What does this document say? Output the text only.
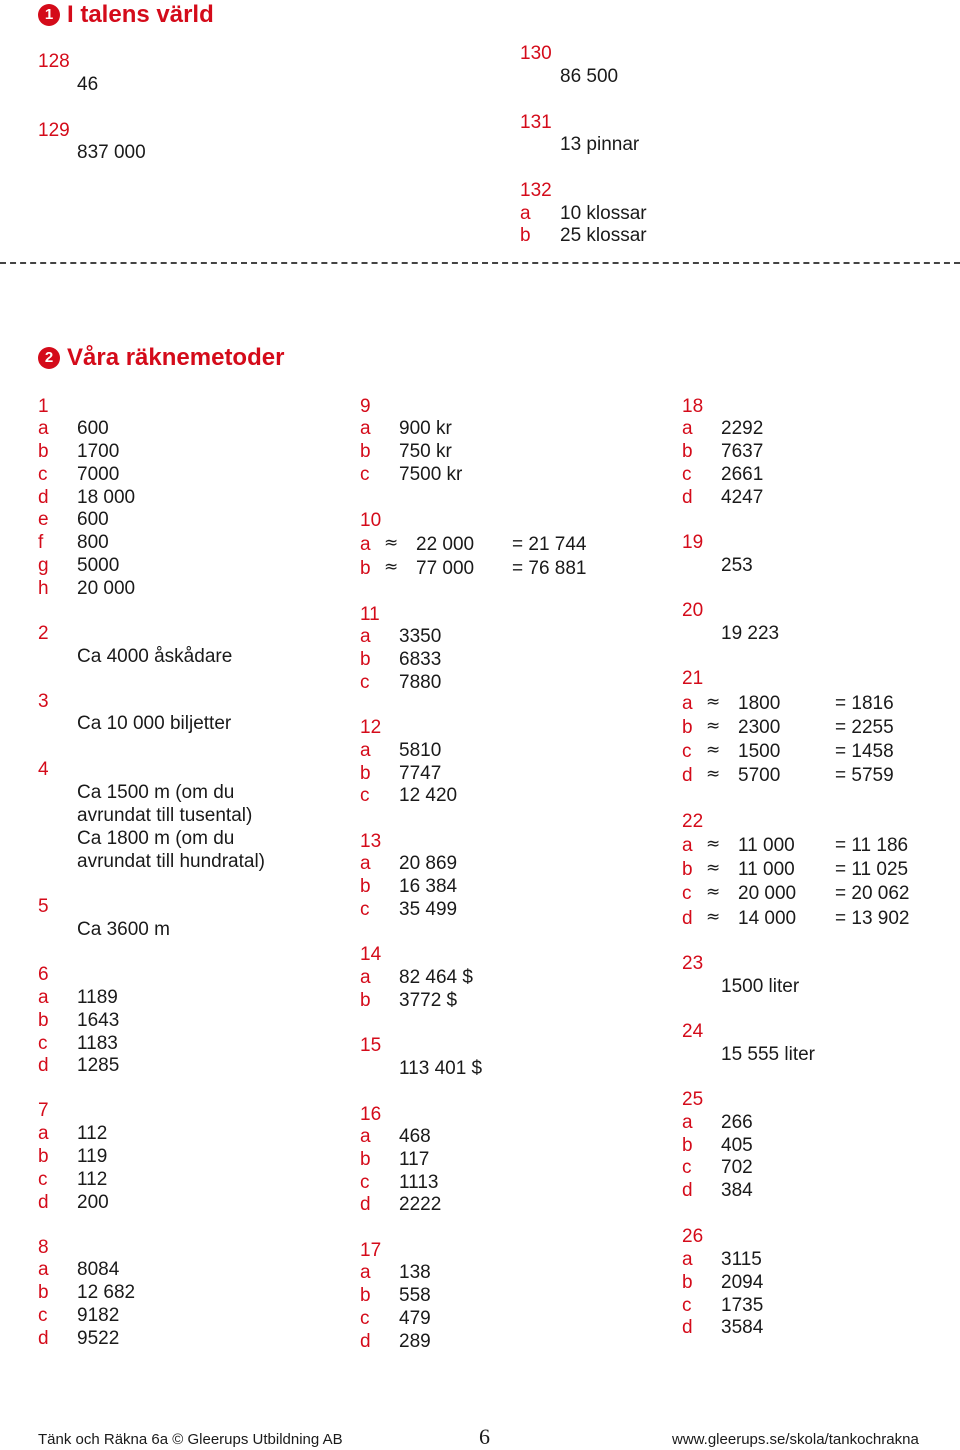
1 I talens värld
128
46
129
837 000
130
86 500
131
13 pinnar
132
a 10 klossar
b 25 klossar
2 Våra räknemetoder
1
a 600
b 1700
c 7000
d 18 000
e 600
f 800
g 5000
h 20 000
2
Ca 4000 åskådare
3
Ca 10 000 biljetter
4
Ca 1500 m (om du
avrundat till tusental)
Ca 1800 m (om du
avrundat till hundratal)
5
Ca 3600 m
6
a 1189
b 1643
c 1183
d 1285
7
a 112
b 119
c 112
d 200
8
a 8084
b 12 682
c 9182
d 9522
9
a 900 kr
b 750 kr
c 7500 kr
10
a ≈ 22 000 = 21 744
b ≈ 77 000 = 76 881
11
a 3350
b 6833
c 7880
12
a 5810
b 7747
c 12 420
13
a 20 869
b 16 384
c 35 499
14
a 82 464 $
b 3772 $
15
113 401 $
16
a 468
b 117
c 1113
d 2222
17
a 138
b 558
c 479
d 289
18
a 2292
b 7637
c 2661
d 4247
19
253
20
19 223
21
a ≈ 1800	= 1816
b ≈ 2300	= 2255
c ≈ 1500	= 1458
d ≈ 5700	= 5759
22
a ≈ 11 000 = 11 186
b ≈ 11 000 = 11 025
c ≈ 20 000 = 20 062
d ≈ 14 000 = 13 902
23
1500 liter
24
15 555 liter
25
a 266
b 405
c 702
d 384
26
a 3115
b 2094
c 1735
d 3584
Tänk och Räkna 6a © Gleerups Utbildning AB	6	www.gleerups.se/skola/tankochrakna
